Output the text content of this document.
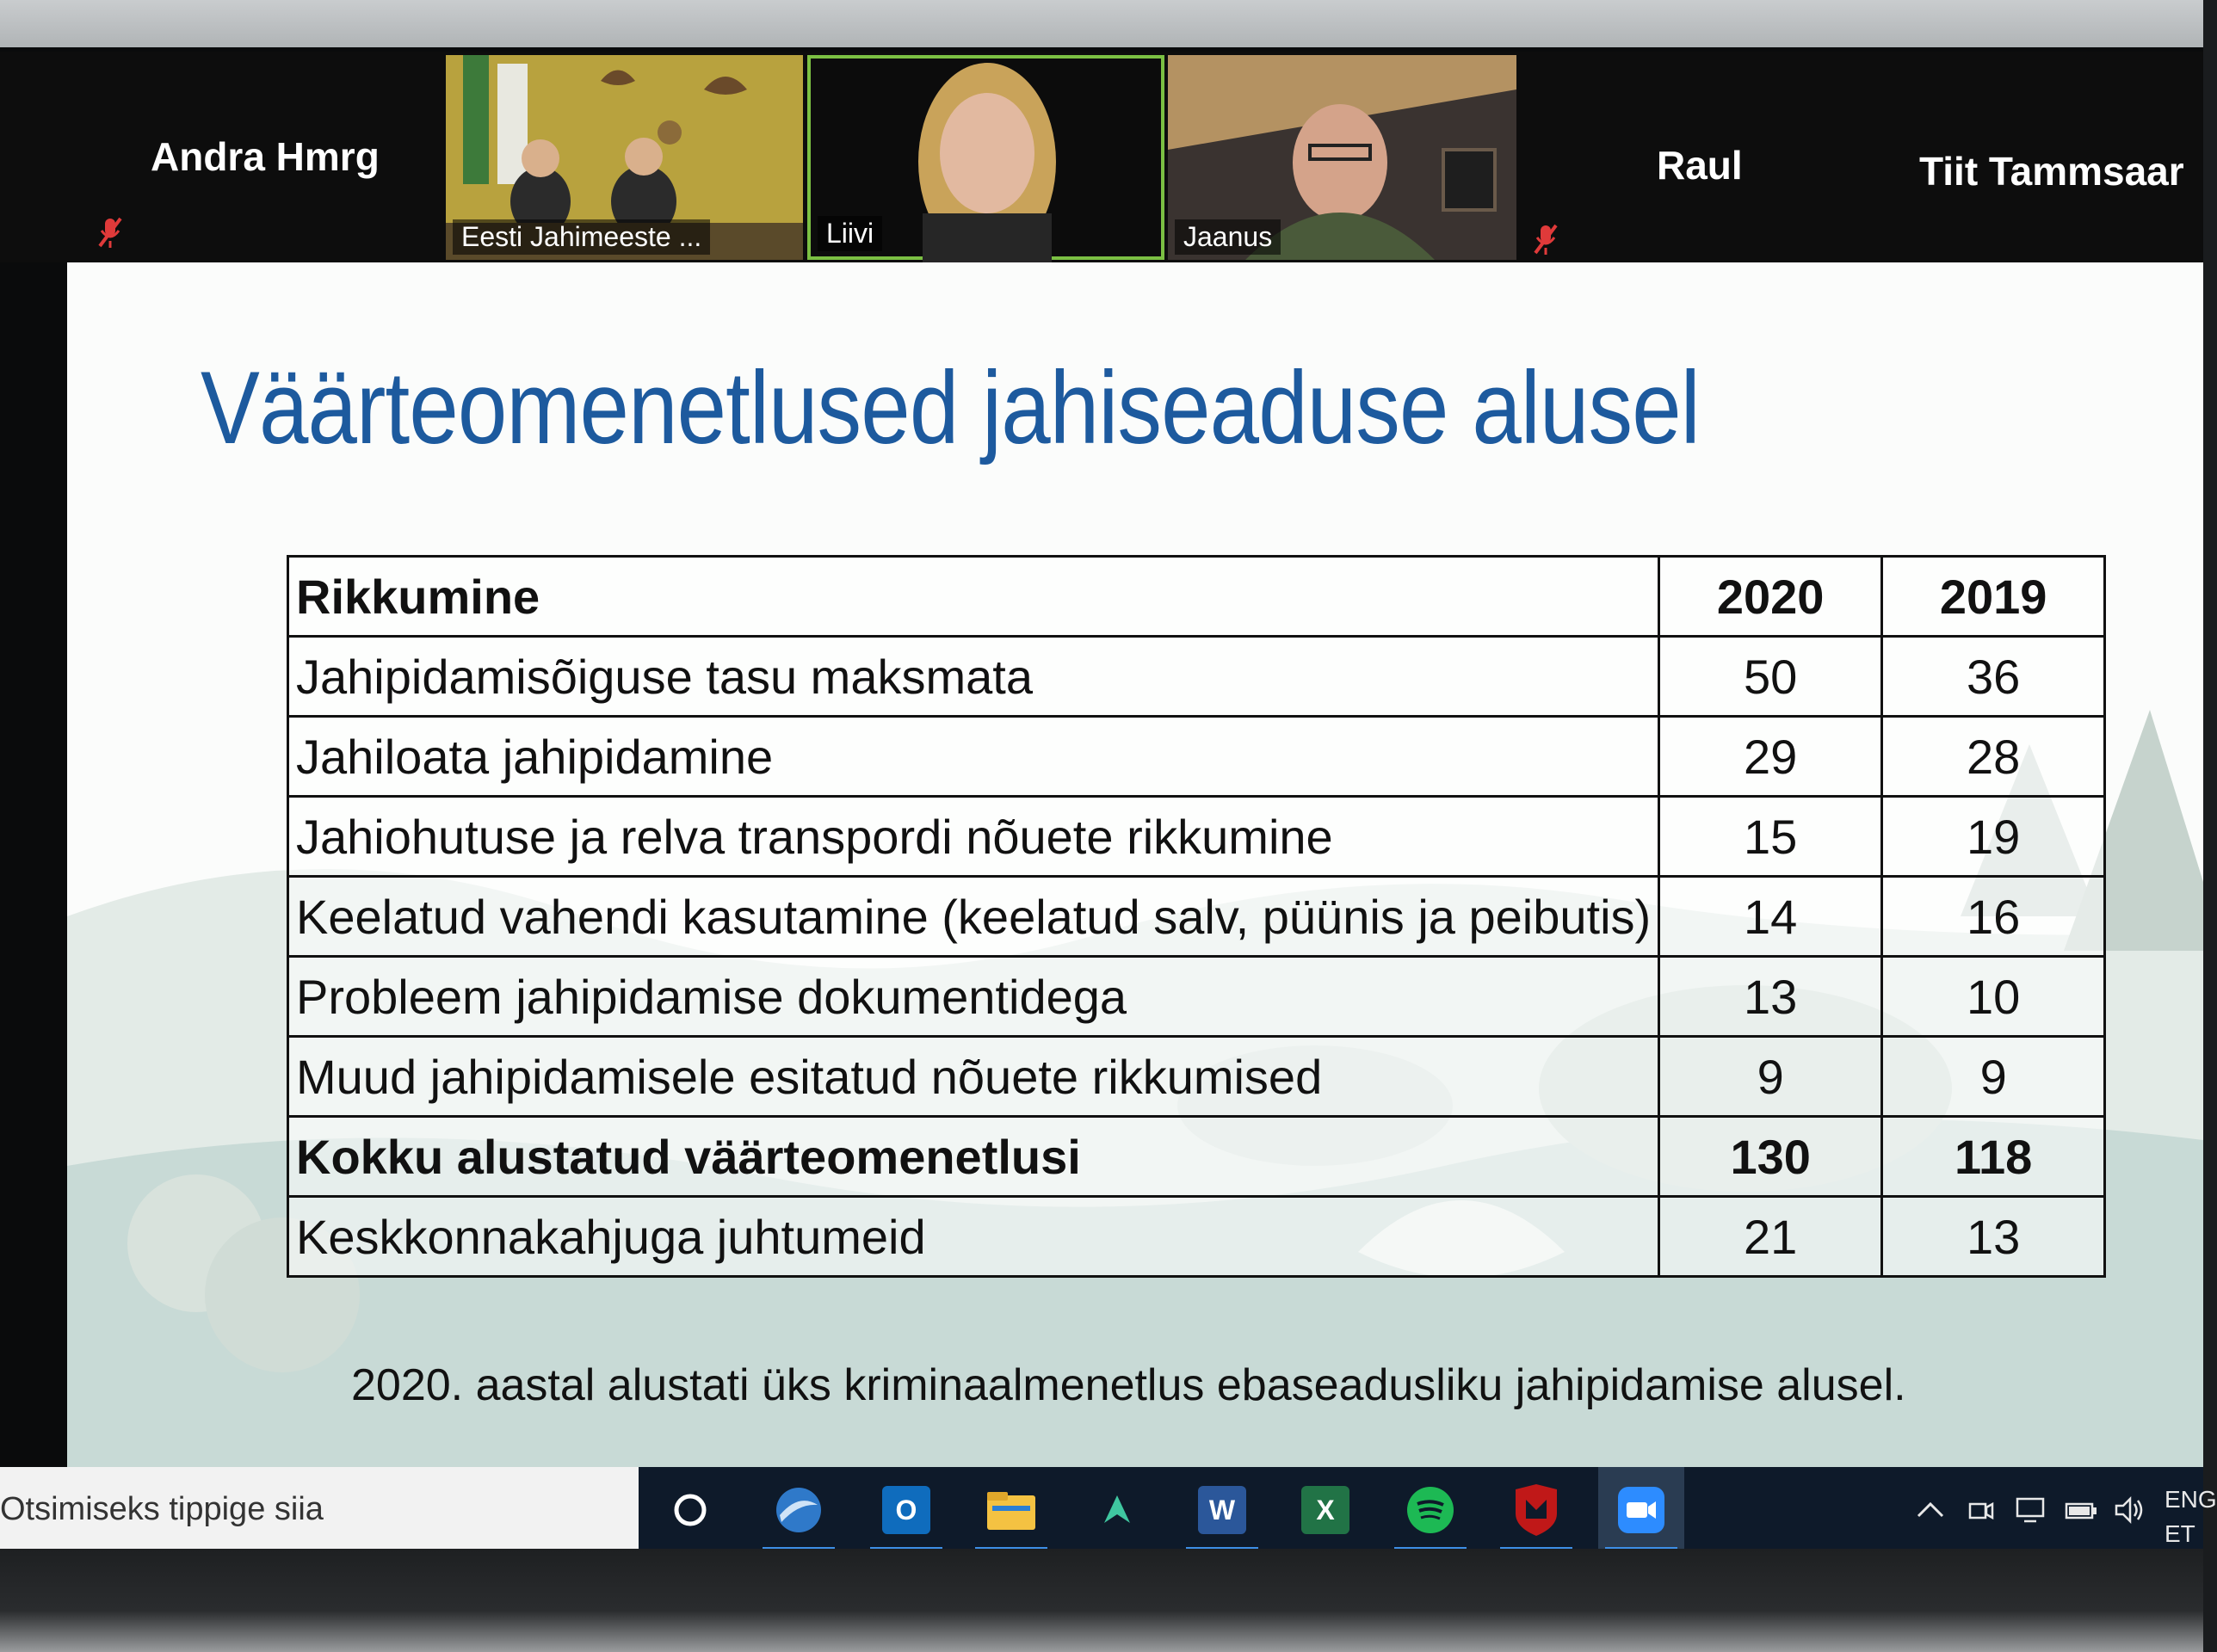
Andra Hmrg
Eesti Jahimeeste ...	Liivi	Jaanus
Raul	Tiit Tammsaar
Väärteomenetlused jahiseaduse alusel
Rikkumine	2020	2019
Jahipidamisõiguse tasu maksmata	50	36
Jahiloata jahipidamine	29	28
Jahiohutuse ja relva transpordi nõuete rikkumine	15	19
Keelatud vahendi kasutamine (keelatud salv, püünis ja peibutis)	14	16
Probleem jahipidamise dokumentidega	13	10
Muud jahipidamisele esitatud nõuete rikkumised	9	9
Kokku alustatud väärteomenetlusi	130	118
Keskkonnakahjuga juhtumeid	21	13
2020. aastal alustati üks kriminaalmenetlus ebaseadusliku jahipidamise alusel.
Otsimiseks tippige siia	O	W	X	ENG
ET
